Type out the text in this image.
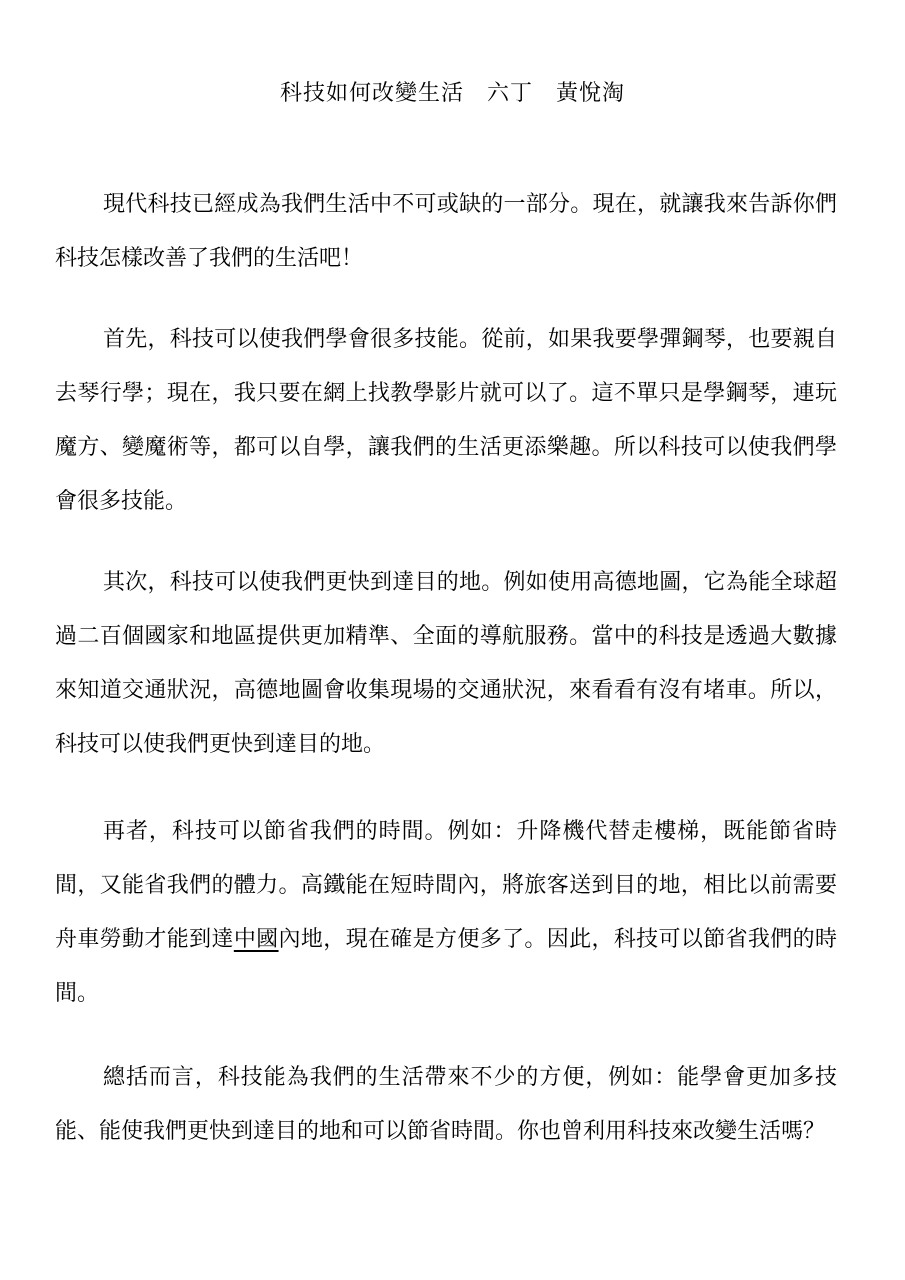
科技如何改變生活　六丁　黃悅淘
現代科技已經成為我們生活中不可或缺的一部分。現在，就讓我來告訴你們科技怎樣改善了我們的生活吧！
首先，科技可以使我們學會很多技能。從前，如果我要學彈鋼琴，也要親自去琴行學；現在，我只要在網上找教學影片就可以了。這不單只是學鋼琴，連玩魔方、變魔術等，都可以自學，讓我們的生活更添樂趣。所以科技可以使我們學會很多技能。
其次，科技可以使我們更快到達目的地。例如使用高德地圖，它為能全球超過二百個國家和地區提供更加精準、全面的導航服務。當中的科技是透過大數據來知道交通狀況，高德地圖會收集現場的交通狀況，來看看有沒有堵車。所以，科技可以使我們更快到達目的地。
再者，科技可以節省我們的時間。例如：升降機代替走樓梯，既能節省時間，又能省我們的體力。高鐵能在短時間內，將旅客送到目的地，相比以前需要舟車勞動才能到達中國內地，現在確是方便多了。因此，科技可以節省我們的時間。
總括而言，科技能為我們的生活帶來不少的方便，例如：能學會更加多技能、能使我們更快到達目的地和可以節省時間。你也曾利用科技來改變生活嗎？
